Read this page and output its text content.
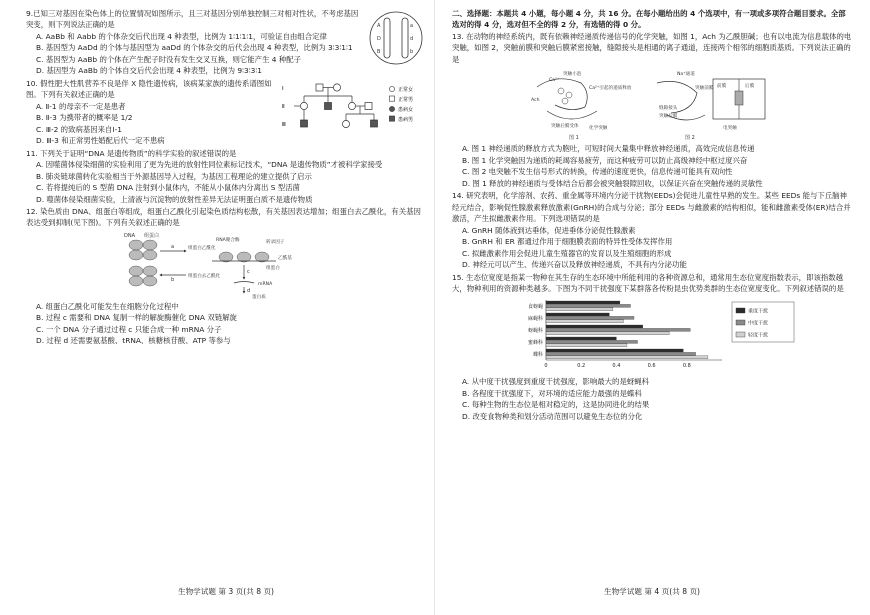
9.已知三对基因在染色体上的位置情况如图所示，且三对基因分别单独控制三对相对性状，不考虑基因突变，则下列说法正确的是	A	a
D	d
B	b
A. AaBb 和 Aabb 的个体杂交后代出现 4 种表型，比例为 1∶1∶1∶1，可验证自由组合定律
B. 基因型为 AaDd 的个体与基因型为 aaDd 的个体杂交的后代会出现 4 种表型，比例为 3∶3∶1∶1
C. 基因型为 AaBb 的个体在产生配子时没有发生交叉互换，则它能产生 4 种配子
D. 基因型为 AaBb 的个体自交后代会出现 4 种表型，比例为 9∶3∶3∶1
10. 假性肥大性肌营养不良是伴 X 隐性遗传病，该病某家族的遗传系谱图如图。下列有关叙述正确的是
Ⅰ
Ⅱ
Ⅲ
正常女
正常男
患病女
患病男
A. Ⅱ-1 的母亲不一定是患者
B. Ⅱ-3 为携带者的概率是 1/2
C. Ⅲ-2 的致病基因来自Ⅰ-1
D. Ⅲ-3 和正常男性婚配后代一定不患病
11. 下列关于证明“DNA 是遗传物质”的科学实验的叙述错误的是
A. 因噬菌体侵染细菌的实验利用了更为先进的放射性同位素标记技术，“DNA 是遗传物质”才被科学家接受
B. 肺炎链球菌转化实验相当于外源基因导入过程，为基因工程理论的建立提供了启示
C. 若将提纯后的 S 型菌 DNA 注射到小鼠体内，不能从小鼠体内分离出 S 型活菌
D. 噬菌体侵染细菌实验，上清液与沉淀物的放射性差异无法证明蛋白质不是遗传物质
12. 染色质由 DNA、组蛋白等组成，组蛋白乙酰化引起染色质结构松散，有关基因表达增加；组蛋白去乙酰化，有关基因表达受到抑制(见下图)。下列有关叙述正确的是
DNA 组蛋白
a	组蛋白乙酰化
c
RNA聚合酶	转录因子
组蛋白
b
组蛋白去乙酰化
乙酰基
mRNA
d
蛋白质
A. 组蛋白乙酰化可能发生在细胞分化过程中
B. 过程 c 需要和 DNA 复制一样的解旋酶催化 DNA 双链解旋
C. 一个 DNA 分子通过过程 c 只能合成一种 mRNA 分子
D. 过程 d 还需要氨基酸、tRNA、核糖核苷酸、ATP 等参与
生物学试题 第 3 页(共 8 页)
二、选择题：本题共 4 小题，每小题 4 分，共 16 分。在每小题给出的 4 个选项中，有一项或多项符合题目要求。全部选对的得 4 分，选对但不全的得 2 分，有选错的得 0 分。
13. 在动物的神经系统内，既有依赖神经递质传递信号的化学突触，如图 1，Ach 为乙酰胆碱；也有以电流为信息载体的电突触，如图 2，突触前膜和突触后膜紧密接触，缝隙接头是相通的离子通道，连接两个相邻的细胞质基质。下列说法正确的是
突触小泡
Ca²⁺
Ach
突触后膜受体
Ca²⁺引起的递质释放
图 1
Na⁺通道
突触前膜
缝隙接头
突触后膜
前膜	后膜
电突触
化学突触
图 2
A. 图 1 神经递质的释放方式为胞吐，可短时间大量集中释放神经递质，高效完成信息传递
B. 图 1 化学突触因为递质的耗竭容易疲劳，而这种疲劳可以防止高级神经中枢过度兴奋
C. 图 2 电突触不发生信号形式的转换，传递的速度更快，信息传递可能具有双向性
D. 图 1 释放的神经递质与受体结合后都会被突触裂隙回收，以保证兴奋在突触传递的灵敏性
14. 研究表明，化学溶剂、农药、重金属等环境内分泌干扰物(EEDs)会促进儿童性早熟的发生。某些 EEDs 能与下丘脑神经元结合，影响促性腺激素释放激素(GnRH)的合成与分泌；部分 EEDs 与雌激素的结构相似，能和雌激素受体(ER)结合并激活，产生拟雌激素作用。下列选项错误的是
A. GnRH 随体液到达垂体，促进垂体分泌促性腺激素
B. GnRH 和 ER 都通过作用于细胞膜表面的特异性受体发挥作用
C. 拟雌激素作用会促进儿童生殖器官的发育以及生殖细胞的形成
D. 神经元可以产生、传递兴奋以及释放神经递质，不具有内分泌功能
15. 生态位宽度是指某一物种在其生存的生态环境中所能利用的各种资源总和，通常用生态位宽度指数表示，即该指数越大，物种利用的资源种类越多。下图为不同干扰强度下某群落各传粉昆虫优势类群的生态位宽度变化。下列叙述错误的是
食蚜蝇
麻蝇科
蚜蝇科
蜜蜂科
蝶科
0	0.2	0.4	0.6	0.8
重度干扰
中度干扰
轻度干扰
A. 从中度干扰强度到重度干扰强度，影响最大的是蚜蝇科
B. 各程度干扰强度下，对环境的适应能力最强的是蝶科
C. 每种生物的生态位是相对稳定的，这是协同进化的结果
D. 改变食物种类和划分活动范围可以避免生态位的分化
生物学试题 第 4 页(共 8 页)
